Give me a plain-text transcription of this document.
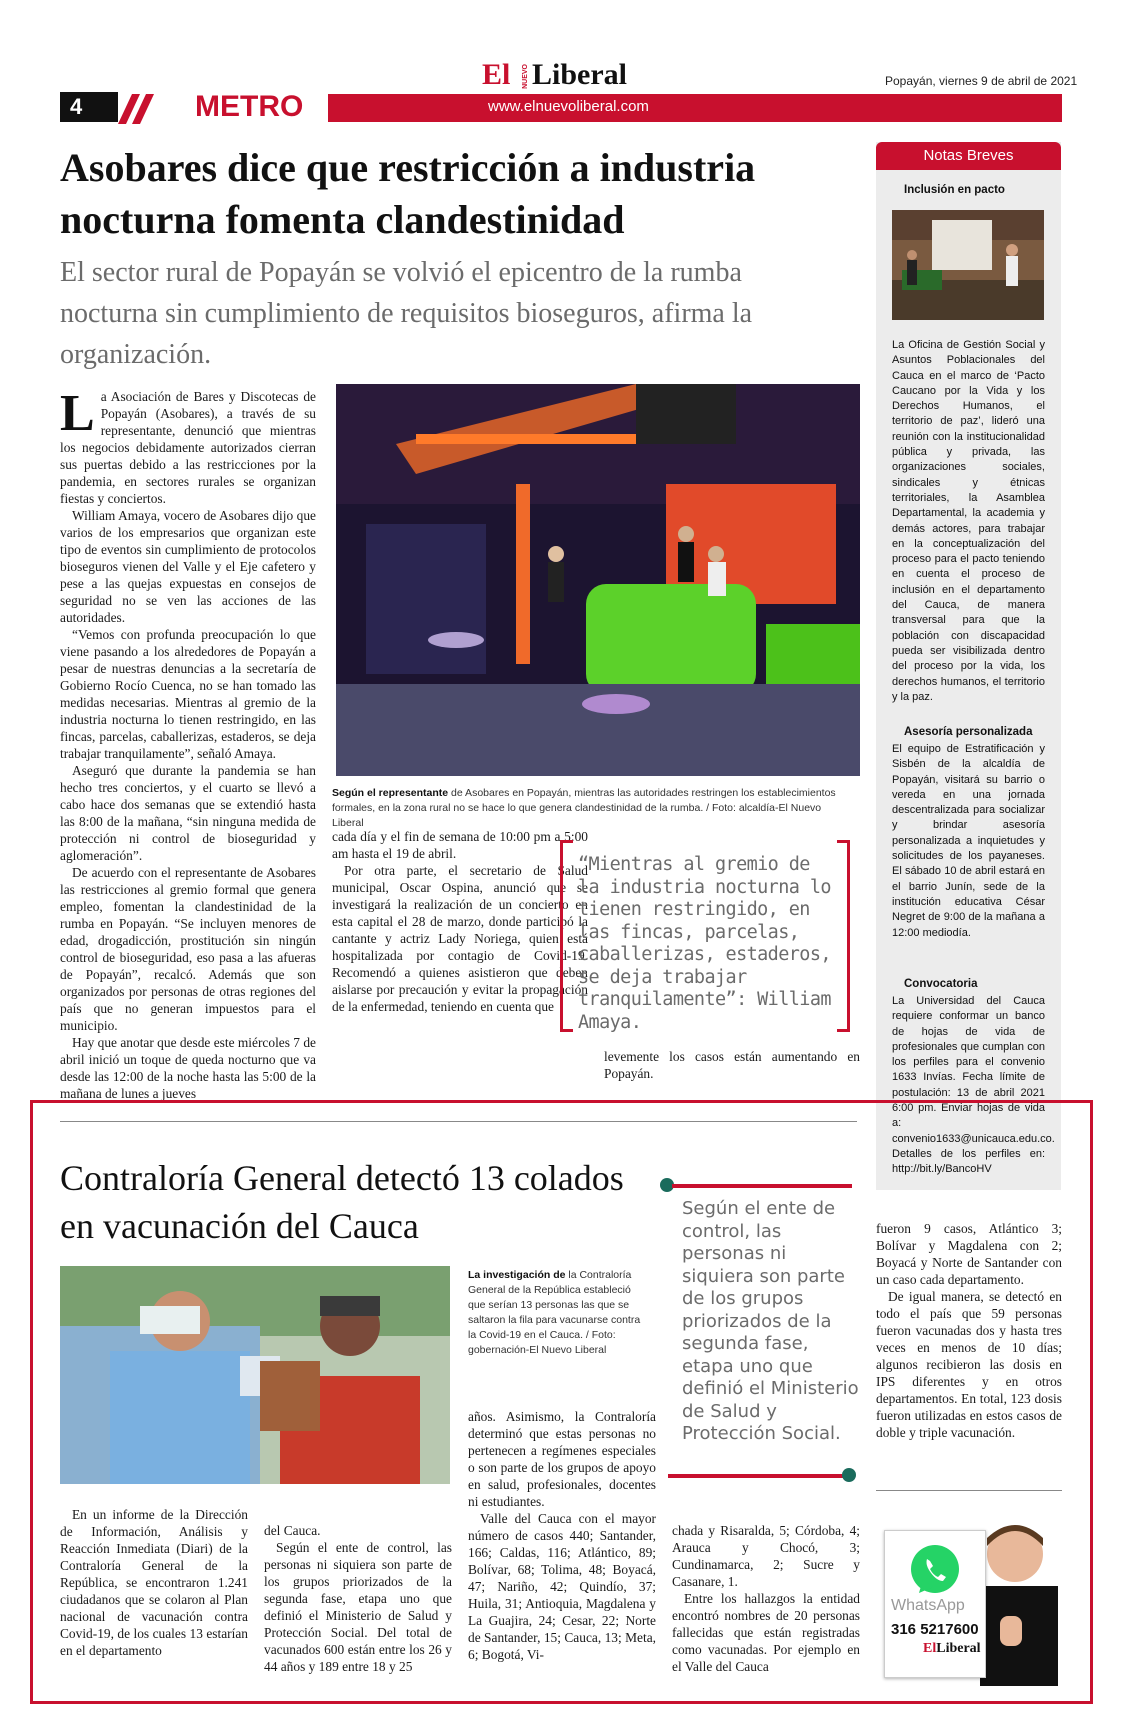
4	METRO	www.elnuevoliberal.com
El NUEVO Liberal	Popayán, viernes 9 de abril de 2021
Asobares dice que restricción a industria nocturna fomenta clandestinidad
El sector rural de Popayán se volvió el epicentro de la rumba nocturna sin cumplimiento de requisitos bioseguros, afirma la organización.

La Asociación de Bares y Discotecas de Popayán (Asobares), a través de su representante, denunció que mientras los negocios debidamente autorizados cierran sus puertas debido a las restricciones por la pandemia, en sectores rurales se organizan fiestas y conciertos.

William Amaya, vocero de Asobares dijo que varios de los empresarios que organizan este tipo de eventos sin cumplimiento de protocolos bioseguros vienen del Valle y el Eje cafetero y pese a las quejas expuestas en consejos de seguridad no se ven las acciones de las autoridades.

“Vemos con profunda preocupación lo que viene pasando a los alrededores de Popayán a pesar de nuestras denuncias a la secretaría de Gobierno Rocío Cuenca, no se han tomado las medidas necesarias. Mientras al gremio de la industria nocturna lo tienen restringido, en las fincas, parcelas, caballerizas, estaderos, se deja trabajar tranquilamente”, señaló Amaya.

Aseguró que durante la pandemia se han hecho tres conciertos, y el cuarto se llevó a cabo hace dos semanas que se extendió hasta las 8:00 de la mañana, “sin ninguna medida de protección ni control de bioseguridad y aglomeración”.

De acuerdo con el representante de Asobares las restricciones al gremio formal que genera empleo, fomentan la clandestinidad de la rumba en Popayán. “Se incluyen menores de edad, drogadicción, prostitución sin ningún control de bioseguridad, eso pasa a las afueras de Popayán”, recalcó. Además que son organizados por personas de otras regiones del país que no generan impuestos para el municipio.

Hay que anotar que desde este miércoles 7 de abril inició un toque de queda nocturno que va desde las 12:00 de la noche hasta las 5:00 de la mañana de lunes a jueves

Según el representante de Asobares en Popayán, mientras las autoridades restringen los establecimientos formales, en la zona rural no se hace lo que genera clandestinidad de la rumba. / Foto: alcaldía-El Nuevo Liberal

cada día y el fin de semana de 10:00 pm a 5:00 am hasta el 19 de abril.

Por otra parte, el secretario de Salud municipal, Oscar Ospina, anunció que se investigará la realización de un concierto en esta capital el 28 de marzo, donde participó la cantante y actriz Lady Noriega, quien está hospitalizada por contagio de Covid-19. Recomendó a quienes asistieron que deben aislarse por precaución y evitar la propagación de la enfermedad, teniendo en cuenta que

“Mientras al gremio de la industria nocturna lo tienen restringido, en las fincas, parcelas, caballerizas, estaderos, se deja trabajar tranquilamente”: William Amaya.

levemente los casos están aumentando en Popayán.

Notas Breves
Inclusión en pacto

La Oficina de Gestión Social y Asuntos Poblacionales del Cauca en el marco de ‘Pacto Caucano por la Vida y los Derechos Humanos, el territorio de paz’, lideró una reunión con la institucionalidad pública y privada, las organizaciones sociales, sindicales y étnicas territoriales, la Asamblea Departamental, la academia y demás actores, para trabajar en la conceptualización del proceso para el pacto teniendo en cuenta el proceso de inclusión en el departamento del Cauca, de manera transversal para que la población con discapacidad pueda ser visibilizada dentro del proceso por la vida, los derechos humanos, el territorio y la paz.

Asesoría personalizada

El equipo de Estratificación y Sisbén de la alcaldía de Popayán, visitará su barrio o vereda en una jornada descentralizada para socializar y brindar asesoría personalizada a inquietudes y solicitudes de los payaneses. El sábado 10 de abril estará en el barrio Junín, sede de la institución educativa César Negret de 9:00 de la mañana a 12:00 mediodía.

Convocatoria

La Universidad del Cauca requiere conformar un banco de hojas de vida de profesionales que cumplan con los perfiles para el convenio 1633 Invías. Fecha límite de postulación: 13 de abril 2021 6:00 pm. Enviar hojas de vida a: convenio1633@unicauca.edu.co. Detalles de los perfiles en: http://bit.ly/BancoHV

Contraloría General detectó 13 colados en vacunación del Cauca
La investigación de la Contraloría General de la República estableció que serían 13 personas las que se saltaron la fila para vacunarse contra la Covid-19 en el Cauca. / Foto: gobernación-El Nuevo Liberal

En un informe de la Dirección de Información, Análisis y Reacción Inmediata (Diari) de la Contraloría General de la República, se encontraron 1.241 ciudadanos que se colaron al Plan nacional de vacunación contra Covid-19, de los cuales 13 estarían en el departamento

del Cauca.

Según el ente de control, las personas ni siquiera son parte de los grupos priorizados de la segunda fase, etapa uno que definió el Ministerio de Salud y Protección Social. Del total de vacunados 600 están entre los 26 y 44 años y 189 entre 18 y 25

años. Asimismo, la Contraloría determinó que estas personas no pertenecen a regímenes especiales o son parte de los grupos de apoyo en salud, profesionales, docentes ni estudiantes.

Valle del Cauca con el mayor número de casos 440; Santander, 166; Caldas, 116; Atlántico, 89; Bolívar, 68; Tolima, 48; Boyacá, 47; Nariño, 42; Quindío, 37; Huila, 31; Antioquia, Magdalena y La Guajira, 24; Cesar, 22; Norte de Santander, 15; Cauca, 13; Meta, 6; Bogotá, Vi-

chada y Risaralda, 5; Córdoba, 4; Arauca y Chocó, 3; Cundinamarca, 2; Sucre y Casanare, 1.

Entre los hallazgos la entidad encontró nombres de 20 personas fallecidas que están registradas como vacunadas. Por ejemplo en el Valle del Cauca

fueron 9 casos, Atlántico 3; Bolívar y Magdalena con 2; Boyacá y Norte de Santander con un caso cada departamento.

De igual manera, se detectó en todo el país que 59 personas fueron vacunadas dos y hasta tres veces en menos de 10 días; algunos recibieron las dosis en IPS diferentes y en otros departamentos. En total, 123 dosis fueron utilizadas en estos casos de doble y triple vacunación.

Según el ente de control, las personas ni siquiera son parte de los grupos priorizados de la segunda fase, etapa uno que definió el Ministerio de Salud y Protección Social.
WhatsApp
316 5217600
ElLiberal
